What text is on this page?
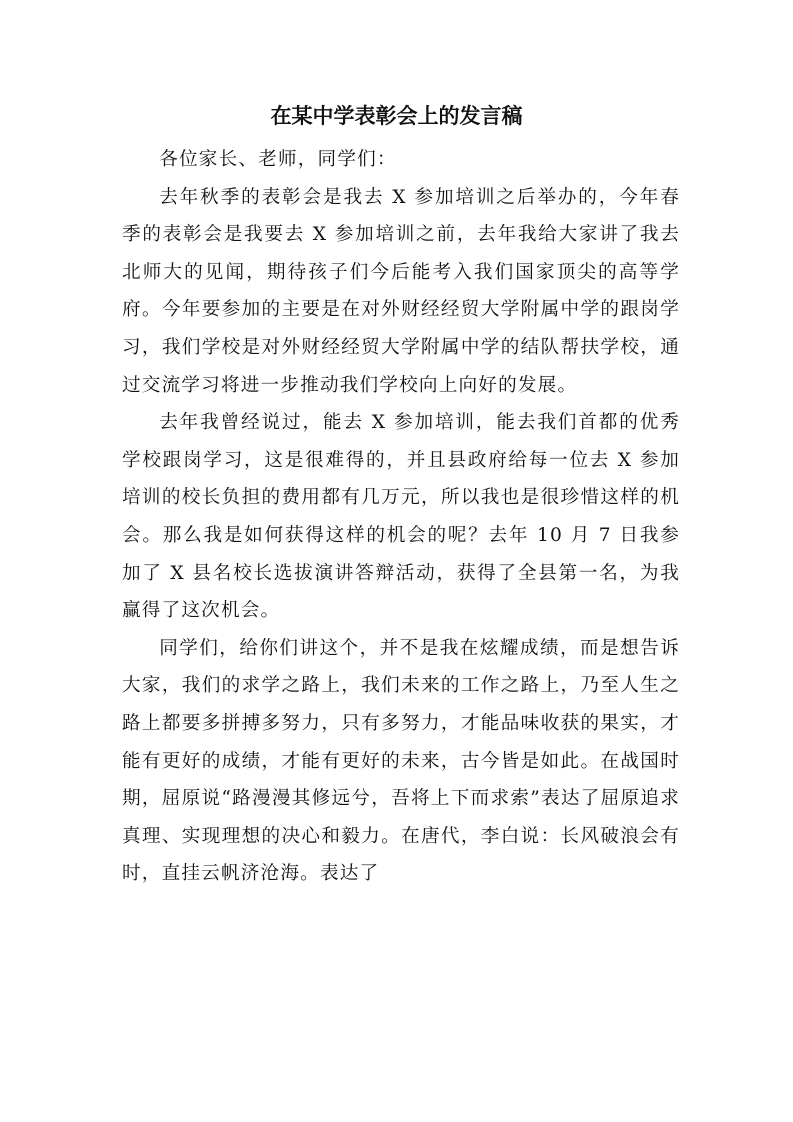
在某中学表彰会上的发言稿

各位家长、老师，同学们：

去年秋季的表彰会是我去 X 参加培训之后举办的，今年春季的表彰会是我要去 X 参加培训之前，去年我给大家讲了我去北师大的见闻，期待孩子们今后能考入我们国家顶尖的高等学府。今年要参加的主要是在对外财经经贸大学附属中学的跟岗学习，我们学校是对外财经经贸大学附属中学的结队帮扶学校，通过交流学习将进一步推动我们学校向上向好的发展。

去年我曾经说过，能去 X 参加培训，能去我们首都的优秀学校跟岗学习，这是很难得的，并且县政府给每一位去 X 参加培训的校长负担的费用都有几万元，所以我也是很珍惜这样的机会。那么我是如何获得这样的机会的呢？去年 10 月 7 日我参加了 X 县名校长选拔演讲答辩活动，获得了全县第一名，为我赢得了这次机会。

同学们，给你们讲这个，并不是我在炫耀成绩，而是想告诉大家，我们的求学之路上，我们未来的工作之路上，乃至人生之路上都要多拼搏多努力，只有多努力，才能品味收获的果实，才能有更好的成绩，才能有更好的未来，古今皆是如此。在战国时期，屈原说“路漫漫其修远兮，吾将上下而求索”表达了屈原追求真理、实现理想的决心和毅力。在唐代，李白说：长风破浪会有时，直挂云帆济沧海。表达了
